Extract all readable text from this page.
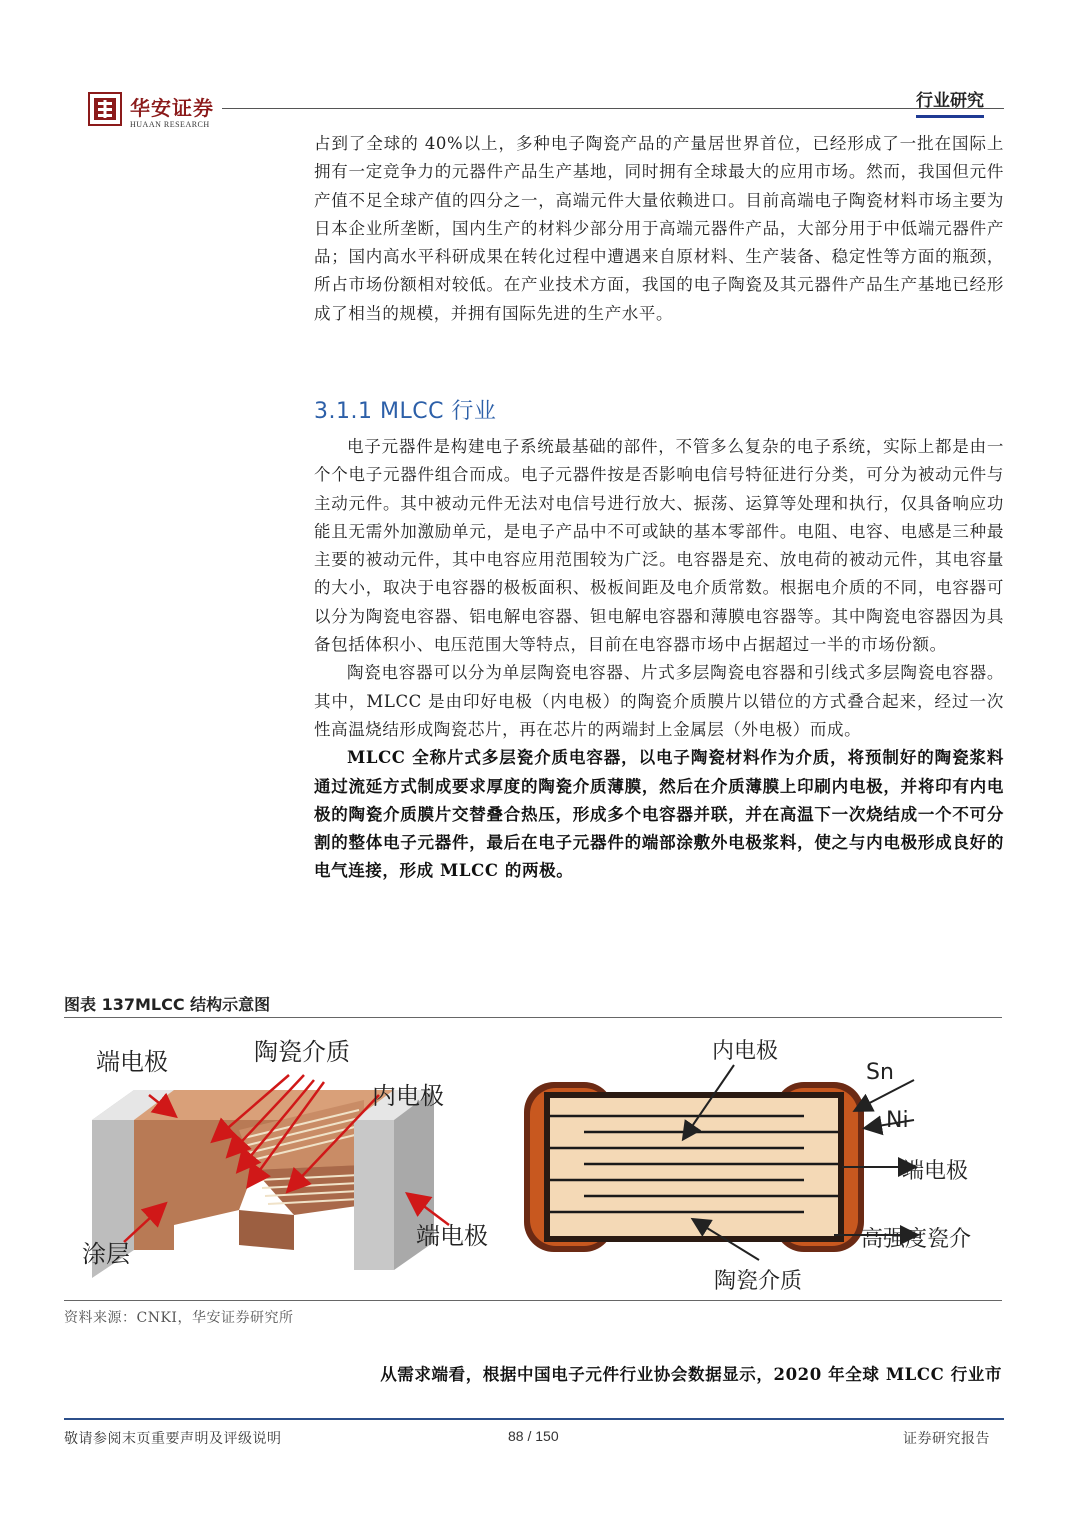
华安证券
HUAAN RESEARCH
行业研究

占到了全球的 40%以上，多种电子陶瓷产品的产量居世界首位，已经形成了一批在国际上拥有一定竞争力的元器件产品生产基地，同时拥有全球最大的应用市场。然而，我国但元件产值不足全球产值的四分之一，高端元件大量依赖进口。目前高端电子陶瓷材料市场主要为日本企业所垄断，国内生产的材料少部分用于高端元器件产品，大部分用于中低端元器件产品；国内高水平科研成果在转化过程中遭遇来自原材料、生产装备、稳定性等方面的瓶颈，所占市场份额相对较低。在产业技术方面，我国的电子陶瓷及其元器件产品生产基地已经形成了相当的规模，并拥有国际先进的生产水平。

3.1.1 MLCC 行业

电子元器件是构建电子系统最基础的部件，不管多么复杂的电子系统，实际上都是由一个个电子元器件组合而成。电子元器件按是否影响电信号特征进行分类，可分为被动元件与主动元件。其中被动元件无法对电信号进行放大、振荡、运算等处理和执行，仅具备响应功能且无需外加激励单元，是电子产品中不可或缺的基本零部件。电阻、电容、电感是三种最主要的被动元件，其中电容应用范围较为广泛。电容器是充、放电荷的被动元件，其电容量的大小，取决于电容器的极板面积、极板间距及电介质常数。根据电介质的不同，电容器可以分为陶瓷电容器、铝电解电容器、钽电解电容器和薄膜电容器等。其中陶瓷电容器因为具备包括体积小、电压范围大等特点，目前在电容器市场中占据超过一半的市场份额。

陶瓷电容器可以分为单层陶瓷电容器、片式多层陶瓷电容器和引线式多层陶瓷电容器。其中，MLCC 是由印好电极（内电极）的陶瓷介质膜片以错位的方式叠合起来，经过一次性高温烧结形成陶瓷芯片，再在芯片的两端封上金属层（外电极）而成。

MLCC 全称片式多层瓷介质电容器，以电子陶瓷材料作为介质，将预制好的陶瓷浆料通过流延方式制成要求厚度的陶瓷介质薄膜，然后在介质薄膜上印刷内电极，并将印有内电极的陶瓷介质膜片交替叠合热压，形成多个电容器并联，并在高温下一次烧结成一个不可分割的整体电子元器件，最后在电子元器件的端部涂敷外电极浆料，使之与内电极形成良好的电气连接，形成 MLCC 的两极。

图表 137MLCC 结构示意图
端电极	陶瓷介质
内电极
涂层
端电极
内电极
Sn
Ni
端电极
高强度瓷介
陶瓷介质
资料来源：CNKI，华安证券研究所
从需求端看，根据中国电子元件行业协会数据显示，2020 年全球 MLCC 行业市
敬请参阅末页重要声明及评级说明	88 / 150	证券研究报告
